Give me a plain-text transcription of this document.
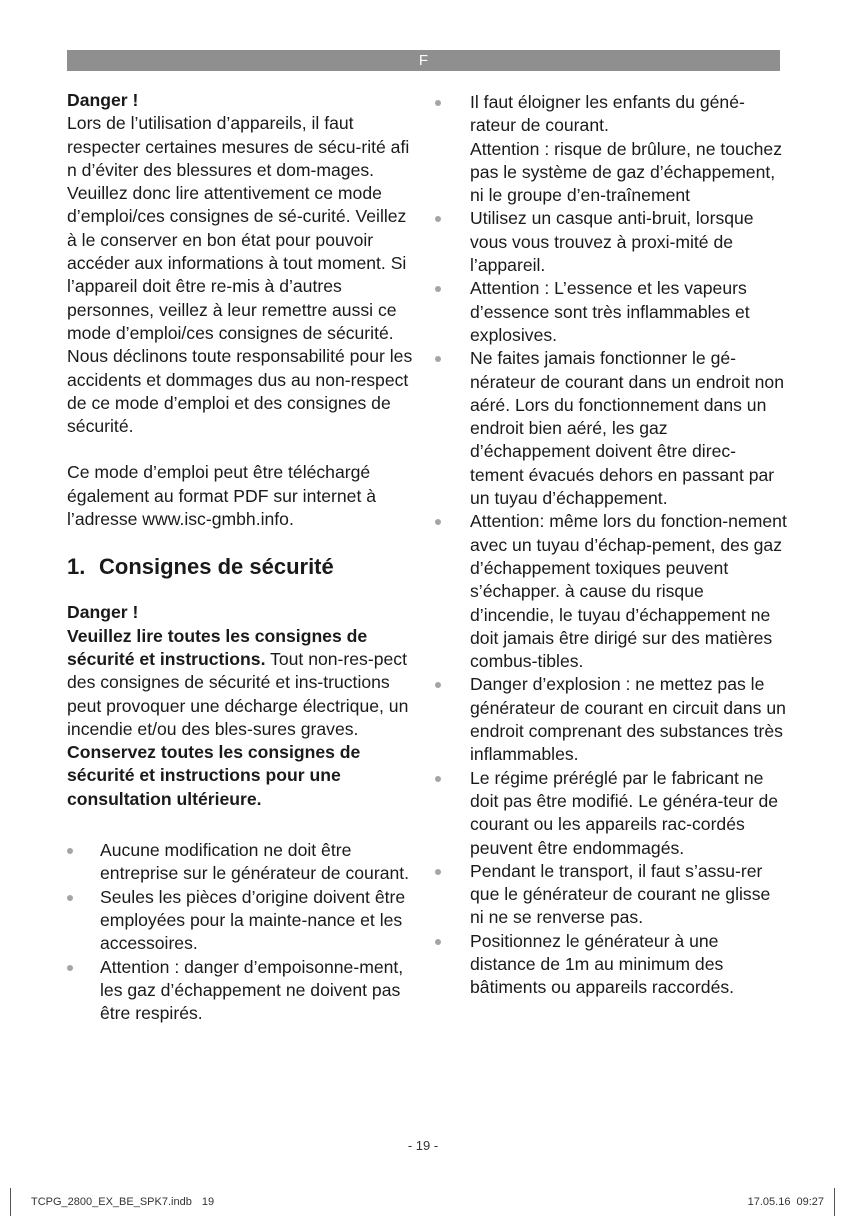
F

Danger !

Lors de l’utilisation d’appareils, il faut respecter certaines mesures de sécu-rité afi n d’éviter des blessures et dom-mages. Veuillez donc lire attentivement ce mode d’emploi/ces consignes de sé-curité. Veillez à le conserver en bon état pour pouvoir accéder aux informations à tout moment. Si l’appareil doit être re-mis à d’autres personnes, veillez à leur remettre aussi ce mode d’emploi/ces consignes de sécurité. Nous déclinons toute responsabilité pour les accidents et dommages dus au non-respect de ce mode d’emploi et des consignes de sécurité.

Ce mode d’emploi peut être téléchargé également au format PDF sur internet à l’adresse www.isc-gmbh.info.

1. Consignes de sécurité

Danger !

Veuillez lire toutes les consignes de sécurité et instructions. Tout non-res-pect des consignes de sécurité et ins-tructions peut provoquer une décharge électrique, un incendie et/ou des bles-sures graves.

Conservez toutes les consignes de sécurité et instructions pour une consultation ultérieure.

Aucune modification ne doit être entreprise sur le générateur de courant.
Seules les pièces d’origine doivent être employées pour la mainte-nance et les accessoires.
Attention : danger d’empoisonne-ment, les gaz d’échappement ne doivent pas être respirés.

Il faut éloigner les enfants du géné-rateur de courant.

Attention : risque de brûlure, ne touchez pas le système de gaz d’échappement, ni le groupe d’en-traînement

Utilisez un casque anti-bruit, lorsque vous vous trouvez à proxi-mité de l’appareil.
Attention : L’essence et les vapeurs d’essence sont très inflammables et explosives.
Ne faites jamais fonctionner le gé-nérateur de courant dans un endroit non aéré. Lors du fonctionnement dans un endroit bien aéré, les gaz d’échappement doivent être direc-tement évacués dehors en passant par un tuyau d’échappement.
Attention: même lors du fonction-nement avec un tuyau d’échap-pement, des gaz d’échappement toxiques peuvent s’échapper. à cause du risque d’incendie, le tuyau d’échappement ne doit jamais être dirigé sur des matières combus-tibles.
Danger d’explosion : ne mettez pas le générateur de courant en circuit dans un endroit comprenant des substances très inflammables.
Le régime préréglé par le fabricant ne doit pas être modifié. Le généra-teur de courant ou les appareils rac-cordés peuvent être endommagés.
Pendant le transport, il faut s’assu-rer que le générateur de courant ne glisse ni ne se renverse pas.
Positionnez le générateur à une distance de 1m au minimum des bâtiments ou appareils raccordés.
- 19 -
TCPG_2800_EX_BE_SPK7.indb 19	17.05.16 09:27
